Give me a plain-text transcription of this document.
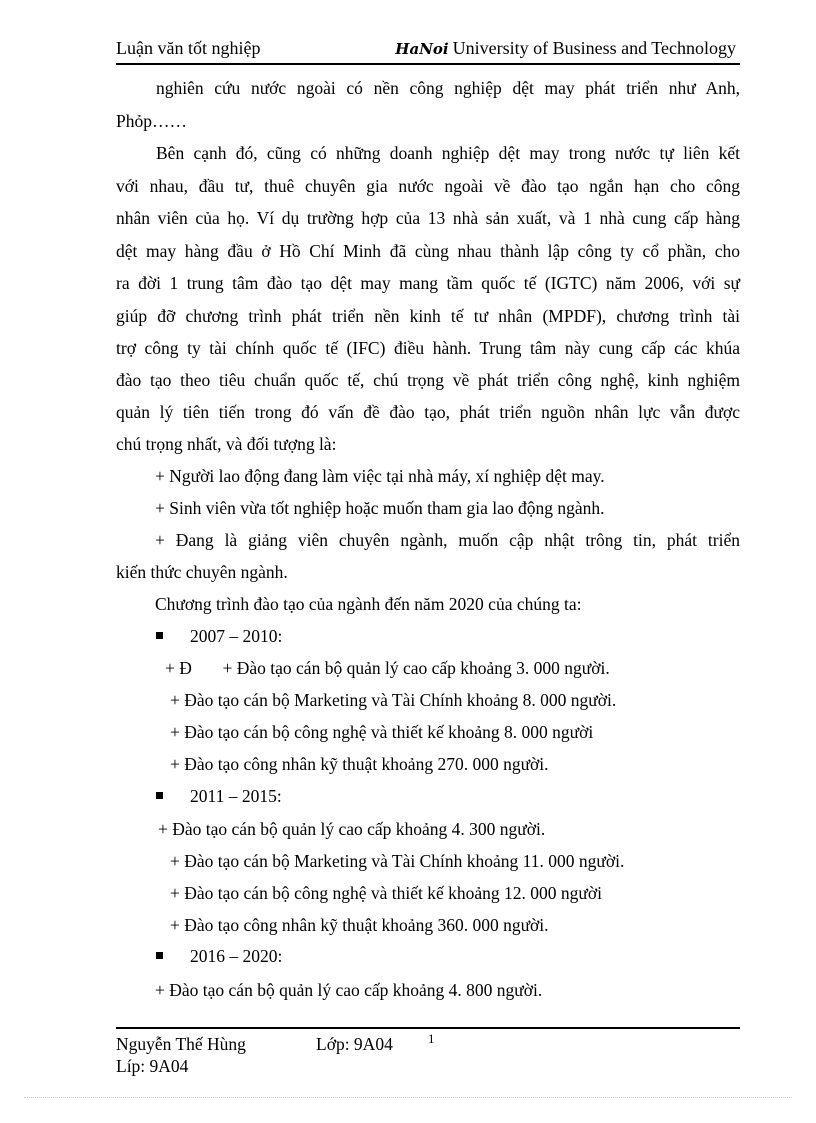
Luận văn tốt nghiệp	HaNoi University of Business and Technology
nghiên cứu nước ngoài có nền công nghiệp dệt may phát triển như Anh,
Phỏp……
Bên cạnh đó, cũng có những doanh nghiệp dệt may trong nước tự liên kết
với nhau, đầu tư, thuê chuyên gia nước ngoài về đào tạo ngắn hạn cho công
nhân viên của họ. Ví dụ trường hợp của 13 nhà sản xuất, và 1 nhà cung cấp hàng
dệt may hàng đầu ở Hồ Chí Minh đã cùng nhau thành lập công ty cổ phần, cho
ra đời 1 trung tâm đào tạo dệt may mang tầm quốc tế (IGTC) năm 2006, với sự
giúp đỡ chương trình phát triển nền kinh tế tư nhân (MPDF), chương trình tài
trợ công ty tài chính quốc tế (IFC) điều hành. Trung tâm này cung cấp các khúa
đào tạo theo tiêu chuẩn quốc tế, chú trọng về phát triển công nghệ, kinh nghiệm
quản lý tiên tiến trong đó vấn đề đào tạo, phát triển nguồn nhân lực vẫn được
chú trọng nhất, và đối tượng là:
+ Người lao động đang làm việc tại nhà máy, xí nghiệp dệt may.
+ Sinh viên vừa tốt nghiệp hoặc muốn tham gia lao động ngành.
+ Đang là giảng viên chuyên ngành, muốn cập nhật trông tin, phát triển
kiến thức chuyên ngành.
Chương trình đào tạo của ngành đến năm 2020 của chúng ta:
2007 – 2010:
+ Đ       + Đào tạo cán bộ quản lý cao cấp khoảng 3. 000 người.
+ Đào tạo cán bộ Marketing và Tài Chính khoảng 8. 000 người.
+ Đào tạo cán bộ công nghệ và thiết kế khoảng 8. 000 người
+ Đào tạo công nhân kỹ thuật khoảng 270. 000 người.
2011 – 2015:
+ Đào tạo cán bộ quản lý cao cấp khoảng 4. 300 người.
+ Đào tạo cán bộ Marketing và Tài Chính khoảng 11. 000 người.
+ Đào tạo cán bộ công nghệ và thiết kế khoảng 12. 000 người
+ Đào tạo công nhân kỹ thuật khoảng 360. 000 người.
2016 – 2020:
+ Đào tạo cán bộ quản lý cao cấp khoảng 4. 800 người.
Nguyễn Thế Hùng	Lớp: 9A04	1
Líp: 9A04
